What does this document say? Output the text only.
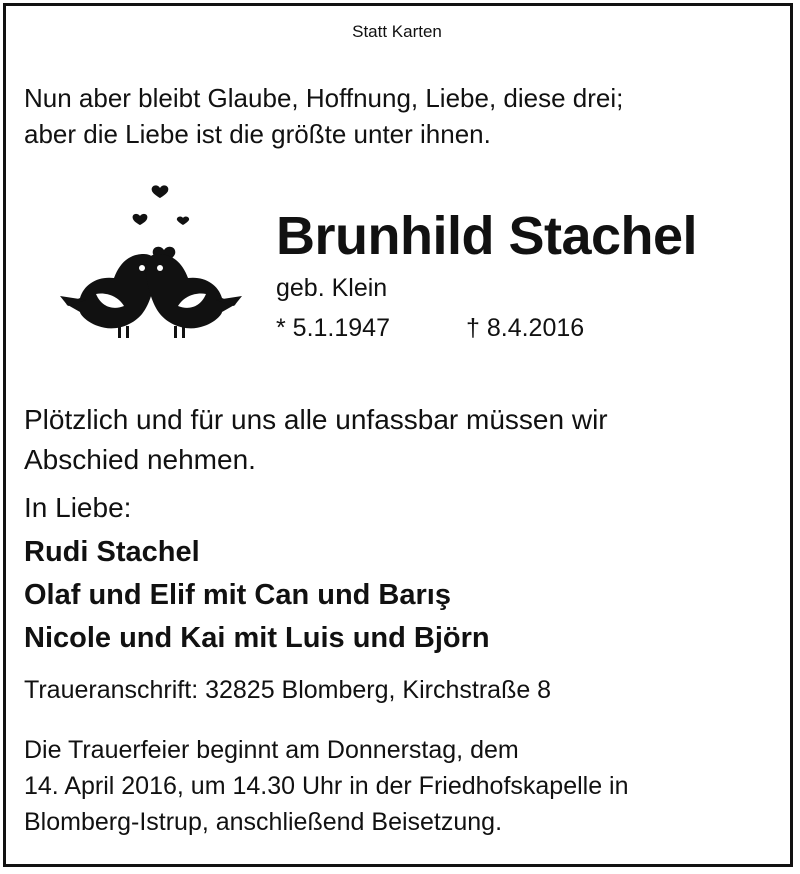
Statt Karten
Nun aber bleibt Glaube, Hoffnung, Liebe, diese drei;
aber die Liebe ist die größte unter ihnen.
Brunhild Stachel
geb. Klein
* 5.1.1947	† 8.4.2016
Plötzlich und für uns alle unfassbar müssen wir
Abschied nehmen.
In Liebe:
Rudi Stachel
Olaf und Elif mit Can und Barış
Nicole und Kai mit Luis und Björn
Traueranschrift: 32825 Blomberg, Kirchstraße 8
Die Trauerfeier beginnt am Donnerstag, dem
14. April 2016, um 14.30 Uhr in der Friedhofskapelle in
Blomberg-Istrup, anschließend Beisetzung.
